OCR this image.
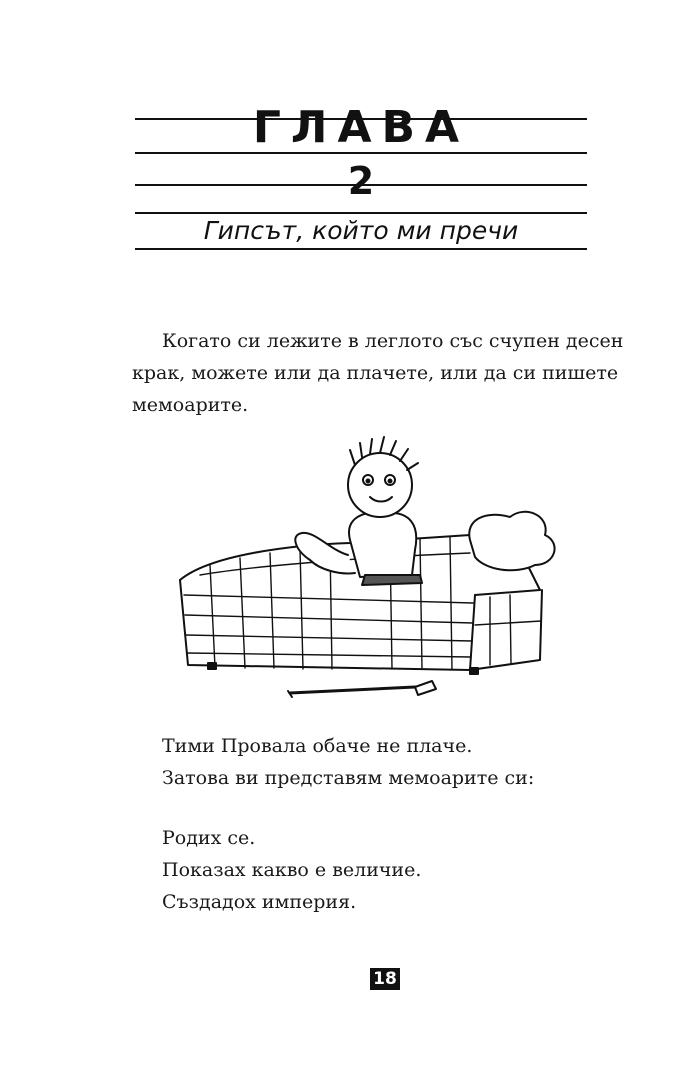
ГЛАВА
2
Гипсът, който ми пречи

Когато си лежите в леглото със счупен десен
крак, можете или да плачете, или да си пишете
мемоарите.

Тими Провала обаче не плаче.
Затова ви представям мемоарите си:
Родих се.
Показах какво е величие.
Създадох империя.
18
